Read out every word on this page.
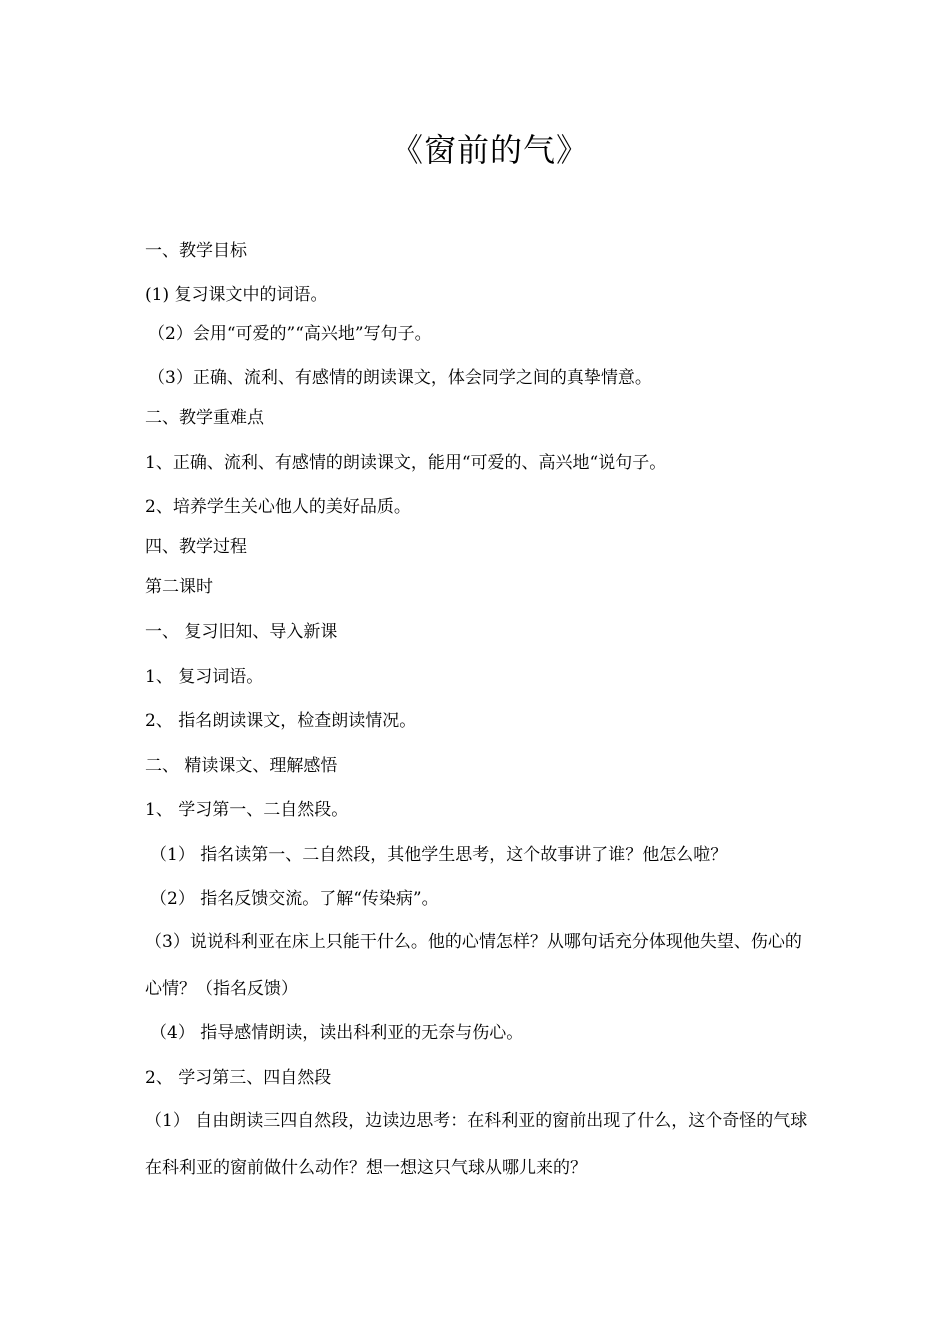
《窗前的气》
一、教学目标
(1) 复习课文中的词语。
（2）会用“可爱的”“高兴地”写句子。
（3）正确、流利、有感情的朗读课文，体会同学之间的真挚情意。
二、教学重难点
1、正确、流利、有感情的朗读课文，能用“可爱的、高兴地“说句子。
2、培养学生关心他人的美好品质。
四、教学过程
第二课时
一、 复习旧知、导入新课
1、 复习词语。
2、 指名朗读课文，检查朗读情况。
二、 精读课文、理解感悟
1、 学习第一、二自然段。
（1） 指名读第一、二自然段，其他学生思考，这个故事讲了谁？他怎么啦？
（2） 指名反馈交流。了解“传染病”。
（3）说说科利亚在床上只能干什么。他的心情怎样？从哪句话充分体现他失望、伤心的心情？（指名反馈）
（4） 指导感情朗读，读出科利亚的无奈与伤心。
2、 学习第三、四自然段
（1） 自由朗读三四自然段，边读边思考：在科利亚的窗前出现了什么，这个奇怪的气球在科利亚的窗前做什么动作？想一想这只气球从哪儿来的？
